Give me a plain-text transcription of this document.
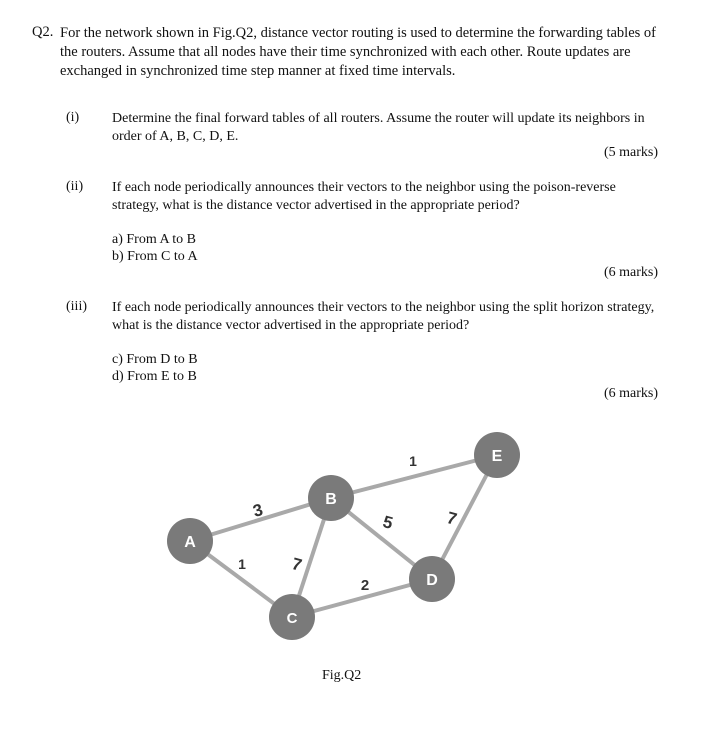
Q2. For the network shown in Fig.Q2, distance vector routing is used to determine the forwarding tables of the routers. Assume that all nodes have their time synchronized with each other. Route updates are exchanged in synchronized time step manner at fixed time intervals.
(i) Determine the final forward tables of all routers. Assume the router will update its neighbors in order of A, B, C, D, E.
(5 marks)
(ii) If each node periodically announces their vectors to the neighbor using the poison-reverse strategy, what is the distance vector advertised in the appropriate period?
a) From A to B
b) From C to A
(6 marks)
(iii) If each node periodically announces their vectors to the neighbor using the split horizon strategy, what is the distance vector advertised in the appropriate period?
c) From D to B
d) From E to B
(6 marks)
3
1	7
5
1
2
7
A
B
C
D
E
Fig.Q2
